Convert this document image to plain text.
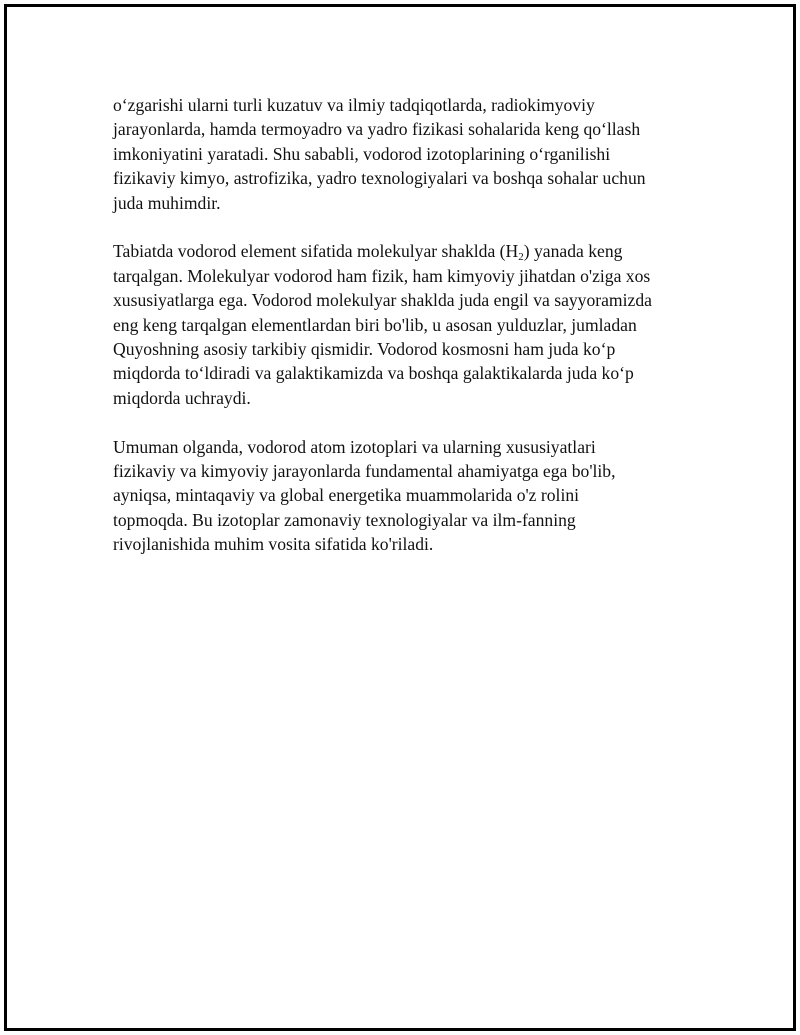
o‘zgarishi ularni turli kuzatuv va ilmiy tadqiqotlarda, radiokimyoviy
jarayonlarda, hamda termoyadro va yadro fizikasi sohalarida keng qo‘llash
imkoniyatini yaratadi. Shu sababli, vodorod izotoplarining o‘rganilishi
fizikaviy kimyo, astrofizika, yadro texnologiyalari va boshqa sohalar uchun
juda muhimdir.

Tabiatda vodorod element sifatida molekulyar shaklda $(H_2)$ yanada keng
tarqalgan. Molekulyar vodorod ham fizik, ham kimyoviy jihatdan o'ziga xos
xususiyatlarga ega. Vodorod molekulyar shaklda juda engil va sayyoramizda
eng keng tarqalgan elementlardan biri bo'lib, u asosan yulduzlar, jumladan
Quyoshning asosiy tarkibiy qismidir. Vodorod kosmosni ham juda ko‘p
miqdorda to‘ldiradi va galaktikamizda va boshqa galaktikalarda juda ko‘p
miqdorda uchraydi.

Umuman olganda, vodorod atom izotoplari va ularning xususiyatlari
fizikaviy va kimyoviy jarayonlarda fundamental ahamiyatga ega bo'lib,
ayniqsa, mintaqaviy va global energetika muammolarida o'z rolini
topmoqda. Bu izotoplar zamonaviy texnologiyalar va ilm-fanning
rivojlanishida muhim vosita sifatida ko'riladi.
